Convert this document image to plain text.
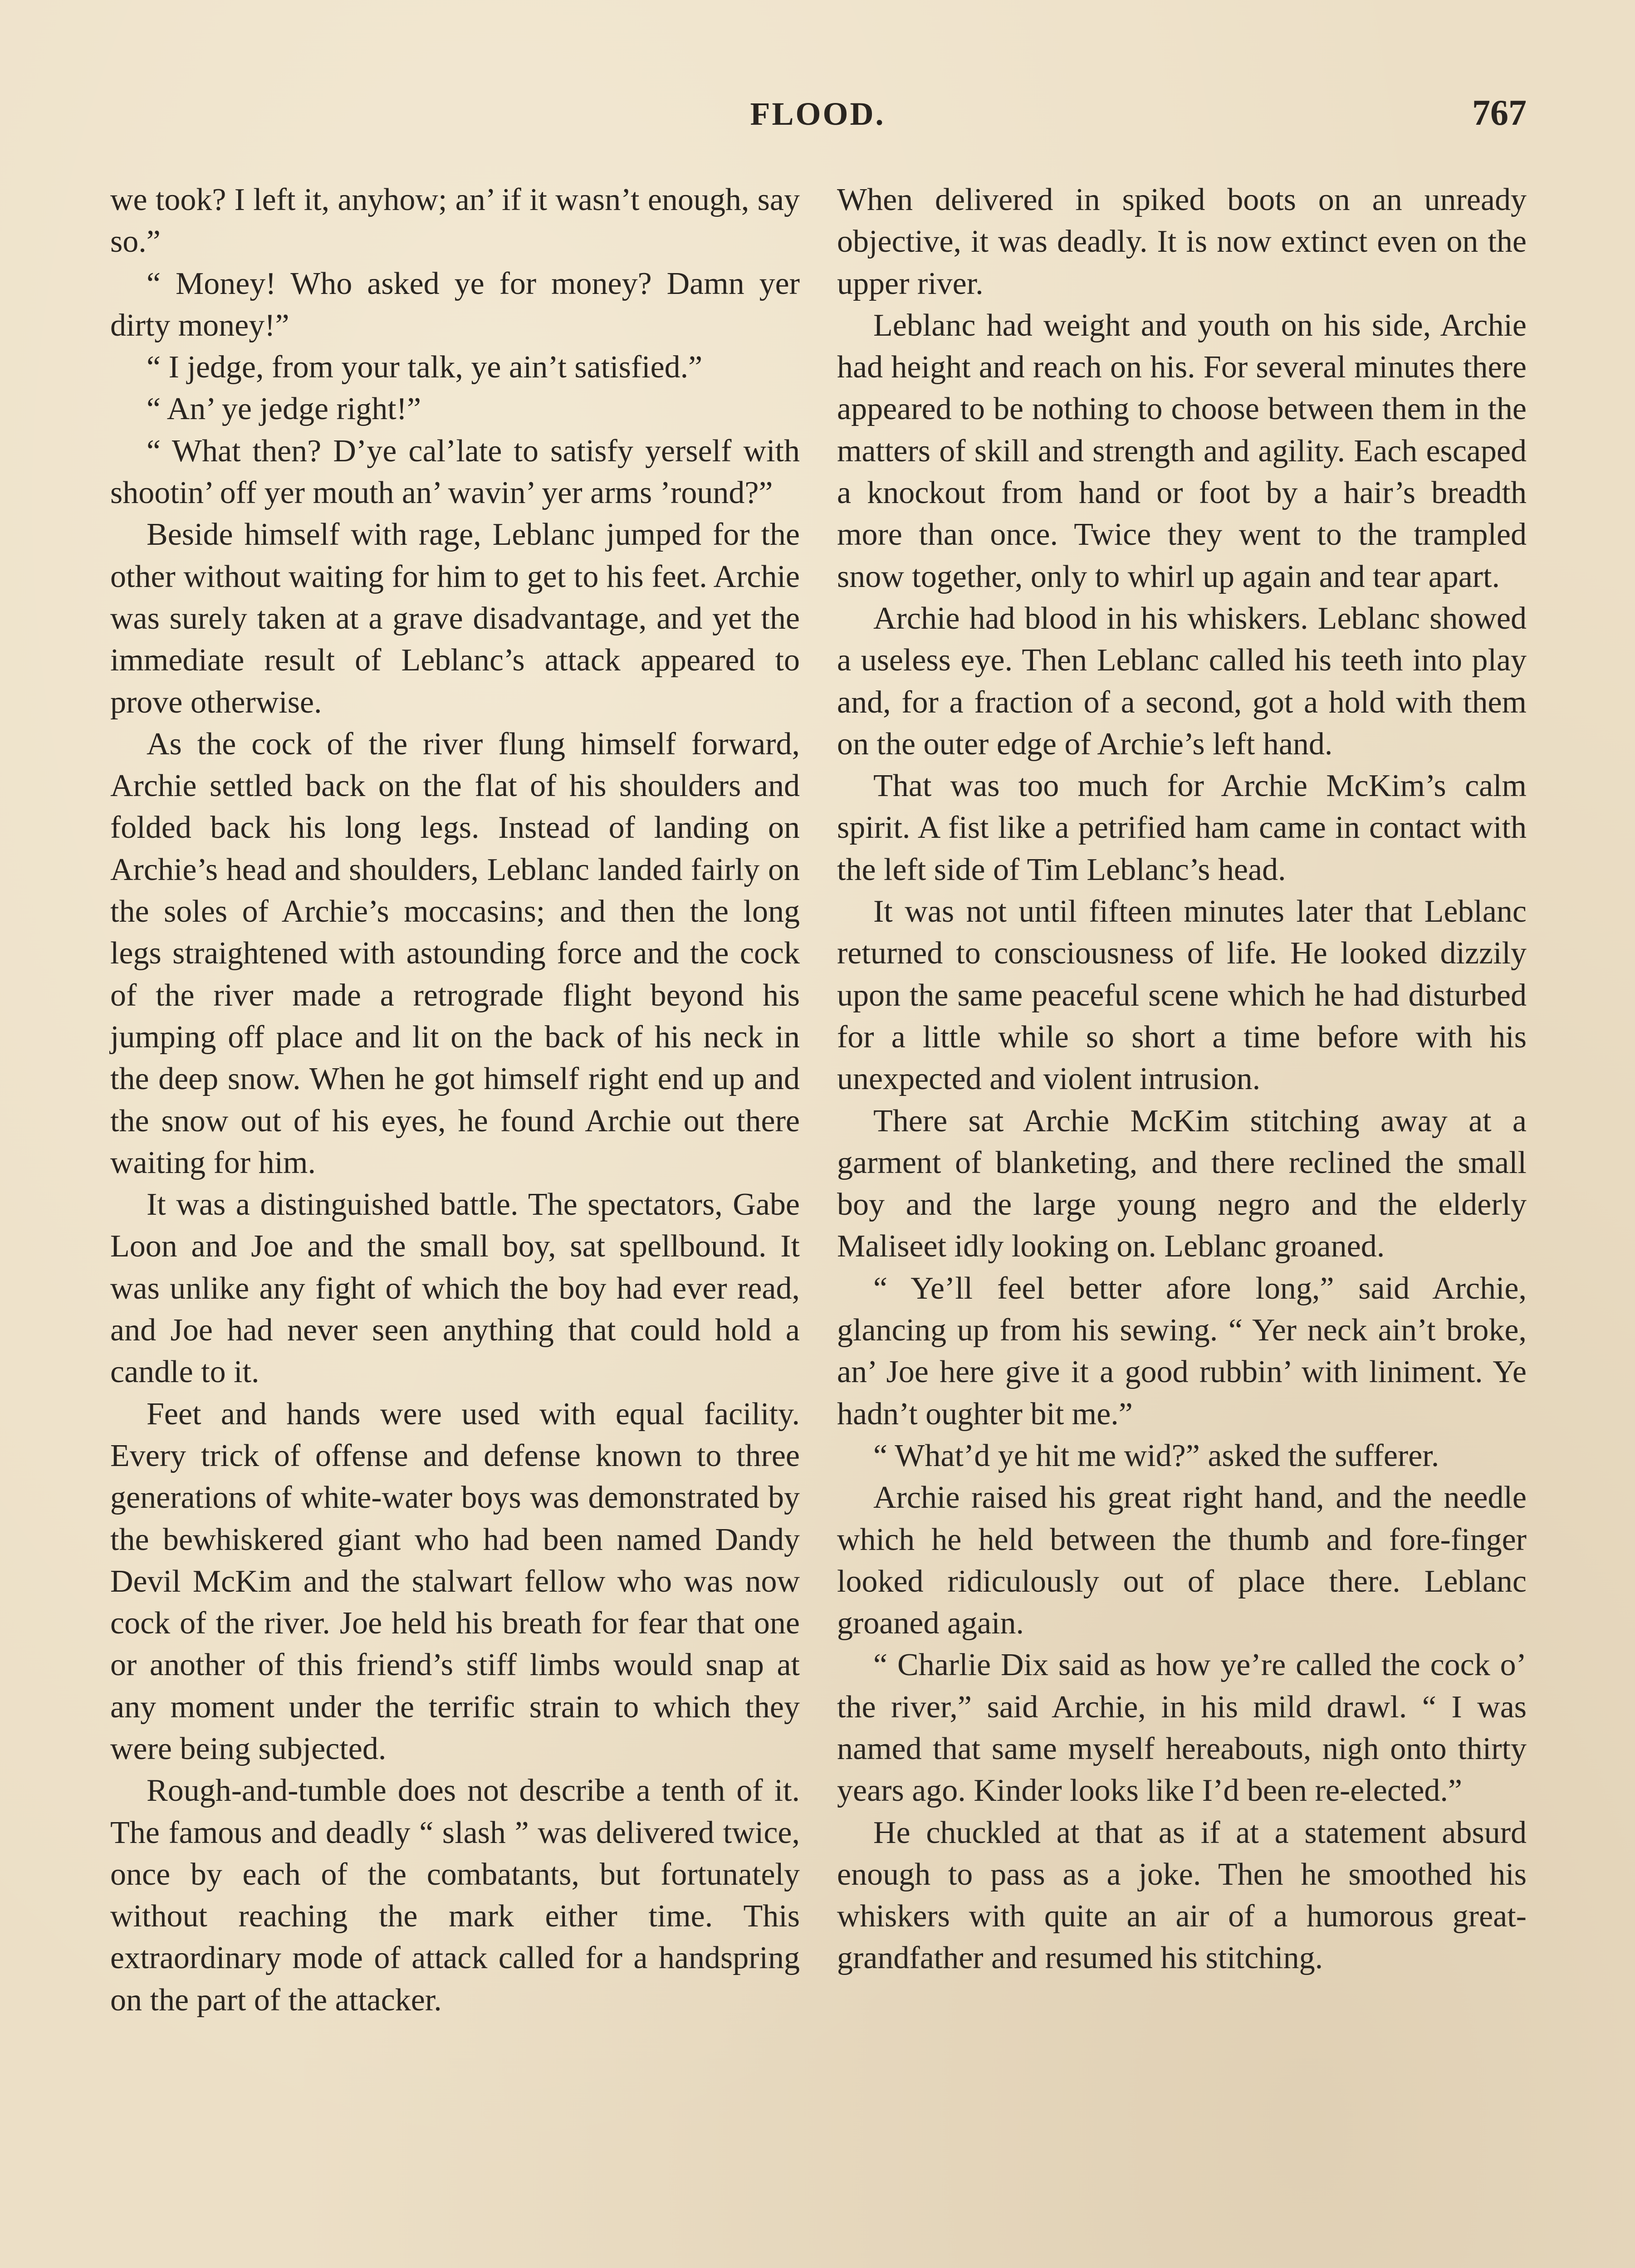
FLOOD.	767

we took? I left it, anyhow; an’ if it wasn’t enough, say so.”

“ Money! Who asked ye for money? Damn yer dirty money!”

“ I jedge, from your talk, ye ain’t satisfied.”

“ An’ ye jedge right!”

“ What then? D’ye cal’late to satisfy yerself with shootin’ off yer mouth an’ wavin’ yer arms ’round?”

Beside himself with rage, Leblanc jumped for the other without waiting for him to get to his feet. Archie was surely taken at a grave disadvantage, and yet the immediate result of Leblanc’s attack appeared to prove otherwise.

As the cock of the river flung himself forward, Archie settled back on the flat of his shoulders and folded back his long legs. Instead of landing on Archie’s head and shoulders, Leblanc landed fairly on the soles of Archie’s moccasins; and then the long legs straightened with astounding force and the cock of the river made a retrograde flight beyond his jumping off place and lit on the back of his neck in the deep snow. When he got himself right end up and the snow out of his eyes, he found Archie out there waiting for him.

It was a distinguished battle. The spectators, Gabe Loon and Joe and the small boy, sat spellbound. It was unlike any fight of which the boy had ever read, and Joe had never seen anything that could hold a candle to it.

Feet and hands were used with equal facility. Every trick of offense and defense known to three generations of white-water boys was demonstrated by the bewhiskered giant who had been named Dandy Devil McKim and the stalwart fellow who was now cock of the river. Joe held his breath for fear that one or another of this friend’s stiff limbs would snap at any moment under the terrific strain to which they were being subjected.

Rough-and-tumble does not describe a tenth of it. The famous and deadly “ slash ” was delivered twice, once by each of the combatants, but fortunately without reaching the mark either time. This extraordinary mode of attack called for a handspring on the part of the attacker.

When delivered in spiked boots on an unready objective, it was deadly. It is now extinct even on the upper river.

Leblanc had weight and youth on his side, Archie had height and reach on his. For several minutes there appeared to be nothing to choose between them in the matters of skill and strength and agility. Each escaped a knockout from hand or foot by a hair’s breadth more than once. Twice they went to the trampled snow together, only to whirl up again and tear apart.

Archie had blood in his whiskers. Leblanc showed a useless eye. Then Leblanc called his teeth into play and, for a fraction of a second, got a hold with them on the outer edge of Archie’s left hand.

That was too much for Archie McKim’s calm spirit. A fist like a petrified ham came in contact with the left side of Tim Leblanc’s head.

It was not until fifteen minutes later that Leblanc returned to consciousness of life. He looked dizzily upon the same peaceful scene which he had disturbed for a little while so short a time before with his unexpected and violent intrusion.

There sat Archie McKim stitching away at a garment of blanketing, and there reclined the small boy and the large young negro and the elderly Maliseet idly looking on. Leblanc groaned.

“ Ye’ll feel better afore long,” said Archie, glancing up from his sewing. “ Yer neck ain’t broke, an’ Joe here give it a good rubbin’ with liniment. Ye hadn’t oughter bit me.”

“ What’d ye hit me wid?” asked the sufferer.

Archie raised his great right hand, and the needle which he held between the thumb and fore-finger looked ridiculously out of place there. Leblanc groaned again.

“ Charlie Dix said as how ye’re called the cock o’ the river,” said Archie, in his mild drawl. “ I was named that same myself hereabouts, nigh onto thirty years ago. Kinder looks like I’d been re-elected.”

He chuckled at that as if at a statement absurd enough to pass as a joke. Then he smoothed his whiskers with quite an air of a humorous great-grandfather and resumed his stitching.
